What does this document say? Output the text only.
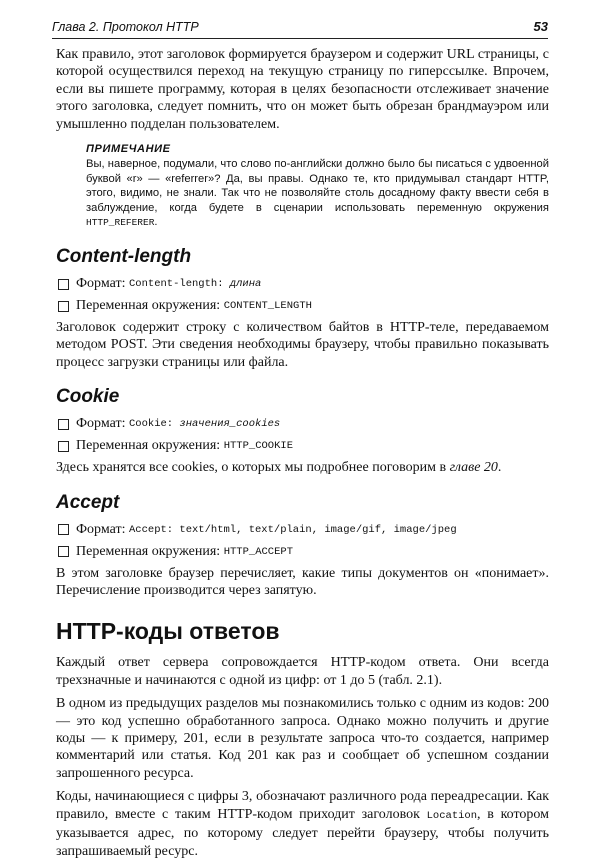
Глава 2. Протокол HTTP	53

Как правило, этот заголовок формируется браузером и содержит URL страницы, с которой осуществился переход на текущую страницу по гиперссылке. Впрочем, если вы пишете программу, которая в целях безопасности отслеживает значение этого заголовка, следует помнить, что он может быть обрезан брандмауэром или умышленно подделан пользователем.

ПРИМЕЧАНИЕ

Вы, наверное, подумали, что слово по-английски должно было бы писаться с удвоенной буквой «r» — «referrer»? Да, вы правы. Однако те, кто придумывал стандарт HTTP, этого, видимо, не знали. Так что не позволяйте столь досадному факту ввести себя в заблуждение, когда будете в сценарии использовать переменную окружения HTTP_REFERER.

Content-length
Формат: Content-length: длина
Переменная окружения: CONTENT_LENGTH

Заголовок содержит строку с количеством байтов в HTTP-теле, передаваемом методом POST. Эти сведения необходимы браузеру, чтобы правильно показывать процесс загрузки страницы или файла.

Cookie
Формат: Cookie: значения_cookies
Переменная окружения: HTTP_COOKIE

Здесь хранятся все cookies, о которых мы подробнее поговорим в главе 20.

Accept
Формат: Accept: text/html, text/plain, image/gif, image/jpeg
Переменная окружения: HTTP_ACCEPT

В этом заголовке браузер перечисляет, какие типы документов он «понимает». Перечисление производится через запятую.

HTTP-коды ответов

Каждый ответ сервера сопровождается HTTP-кодом ответа. Они всегда трехзначные и начинаются с одной из цифр: от 1 до 5 (табл. 2.1).

В одном из предыдущих разделов мы познакомились только с одним из кодов: 200 — это код успешно обработанного запроса. Однако можно получить и другие коды — к примеру, 201, если в результате запроса что-то создается, например комментарий или статья. Код 201 как раз и сообщает об успешном создании запрошенного ресурса.

Коды, начинающиеся с цифры 3, обозначают различного рода переадресации. Как правило, вместе с таким HTTP-кодом приходит заголовок Location, в котором указывается адрес, по которому следует перейти браузеру, чтобы получить запрашиваемый ресурс.
